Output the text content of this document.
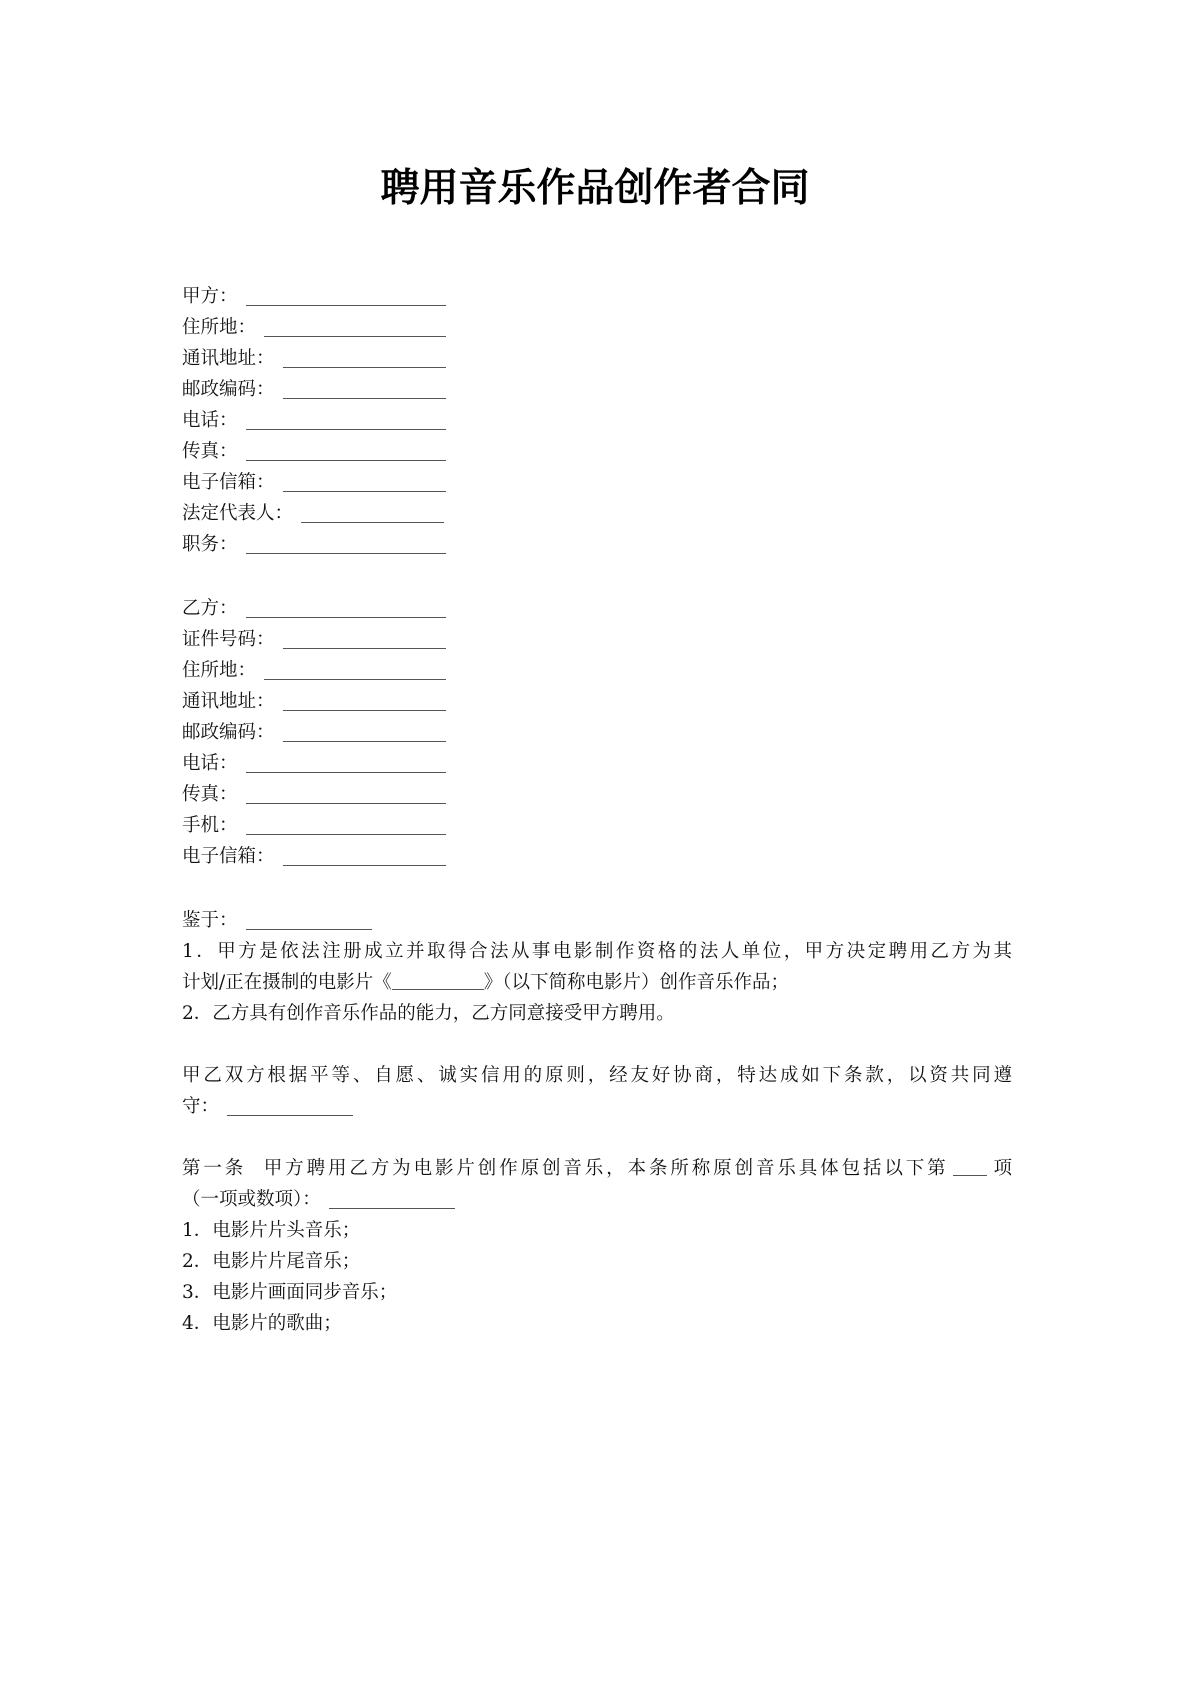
聘用音乐作品创作者合同
甲方：
住所地：
通讯地址：
邮政编码：
电话：
传真：
电子信箱：
法定代表人：
职务：
乙方：
证件号码：
住所地：
通讯地址：
邮政编码：
电话：
传真：
手机：
电子信箱：
鉴于：
1．甲方是依法注册成立并取得合法从事电影制作资格的法人单位，甲方决定聘用乙方为其
计划/正在摄制的电影片《	》（以下简称电影片）创作音乐作品；
2．乙方具有创作音乐作品的能力，乙方同意接受甲方聘用。
甲乙双方根据平等、自愿、诚实信用的原则，经友好协商，特达成如下条款，以资共同遵
守：
第一条  甲方聘用乙方为电影片创作原创音乐，本条所称原创音乐具体包括以下第 项
（一项或数项）：
1．电影片片头音乐；
2．电影片片尾音乐；
3．电影片画面同步音乐；
4．电影片的歌曲；
